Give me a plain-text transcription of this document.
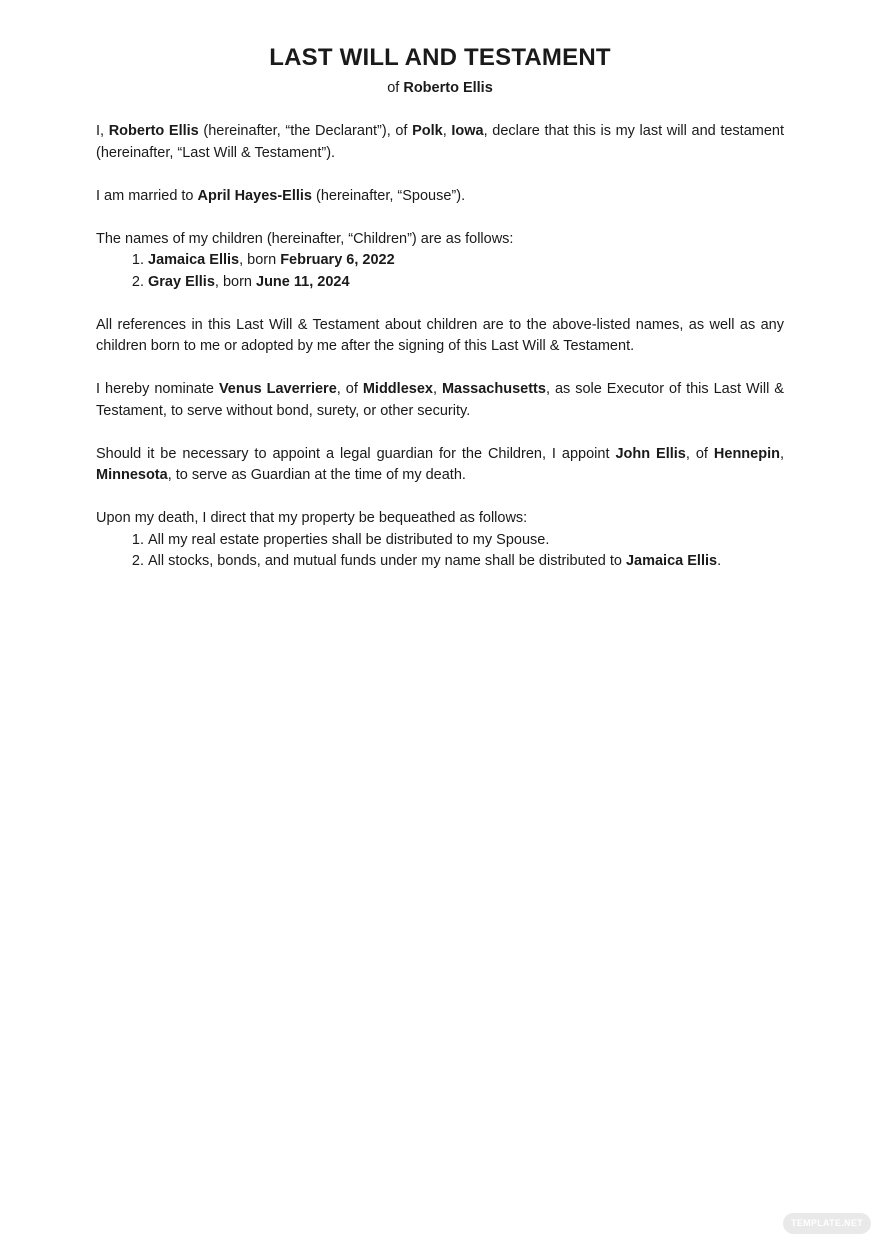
LAST WILL AND TESTAMENT
of Roberto Ellis

I, Roberto Ellis (hereinafter, “the Declarant”), of Polk, Iowa, declare that this is my last will and testament (hereinafter, “Last Will & Testament”).

I am married to April Hayes-Ellis (hereinafter, “Spouse”).

The names of my children (hereinafter, “Children”) are as follows:

1. Jamaica Ellis, born February 6, 2022
2. Gray Ellis, born June 11, 2024

All references in this Last Will & Testament about children are to the above-listed names, as well as any children born to me or adopted by me after the signing of this Last Will & Testament.

I hereby nominate Venus Laverriere, of Middlesex, Massachusetts, as sole Executor of this Last Will & Testament, to serve without bond, surety, or other security.

Should it be necessary to appoint a legal guardian for the Children, I appoint John Ellis, of Hennepin, Minnesota, to serve as Guardian at the time of my death.

Upon my death, I direct that my property be bequeathed as follows:

1. All my real estate properties shall be distributed to my Spouse.
2. All stocks, bonds, and mutual funds under my name shall be distributed to Jamaica Ellis.
TEMPLATE.NET
